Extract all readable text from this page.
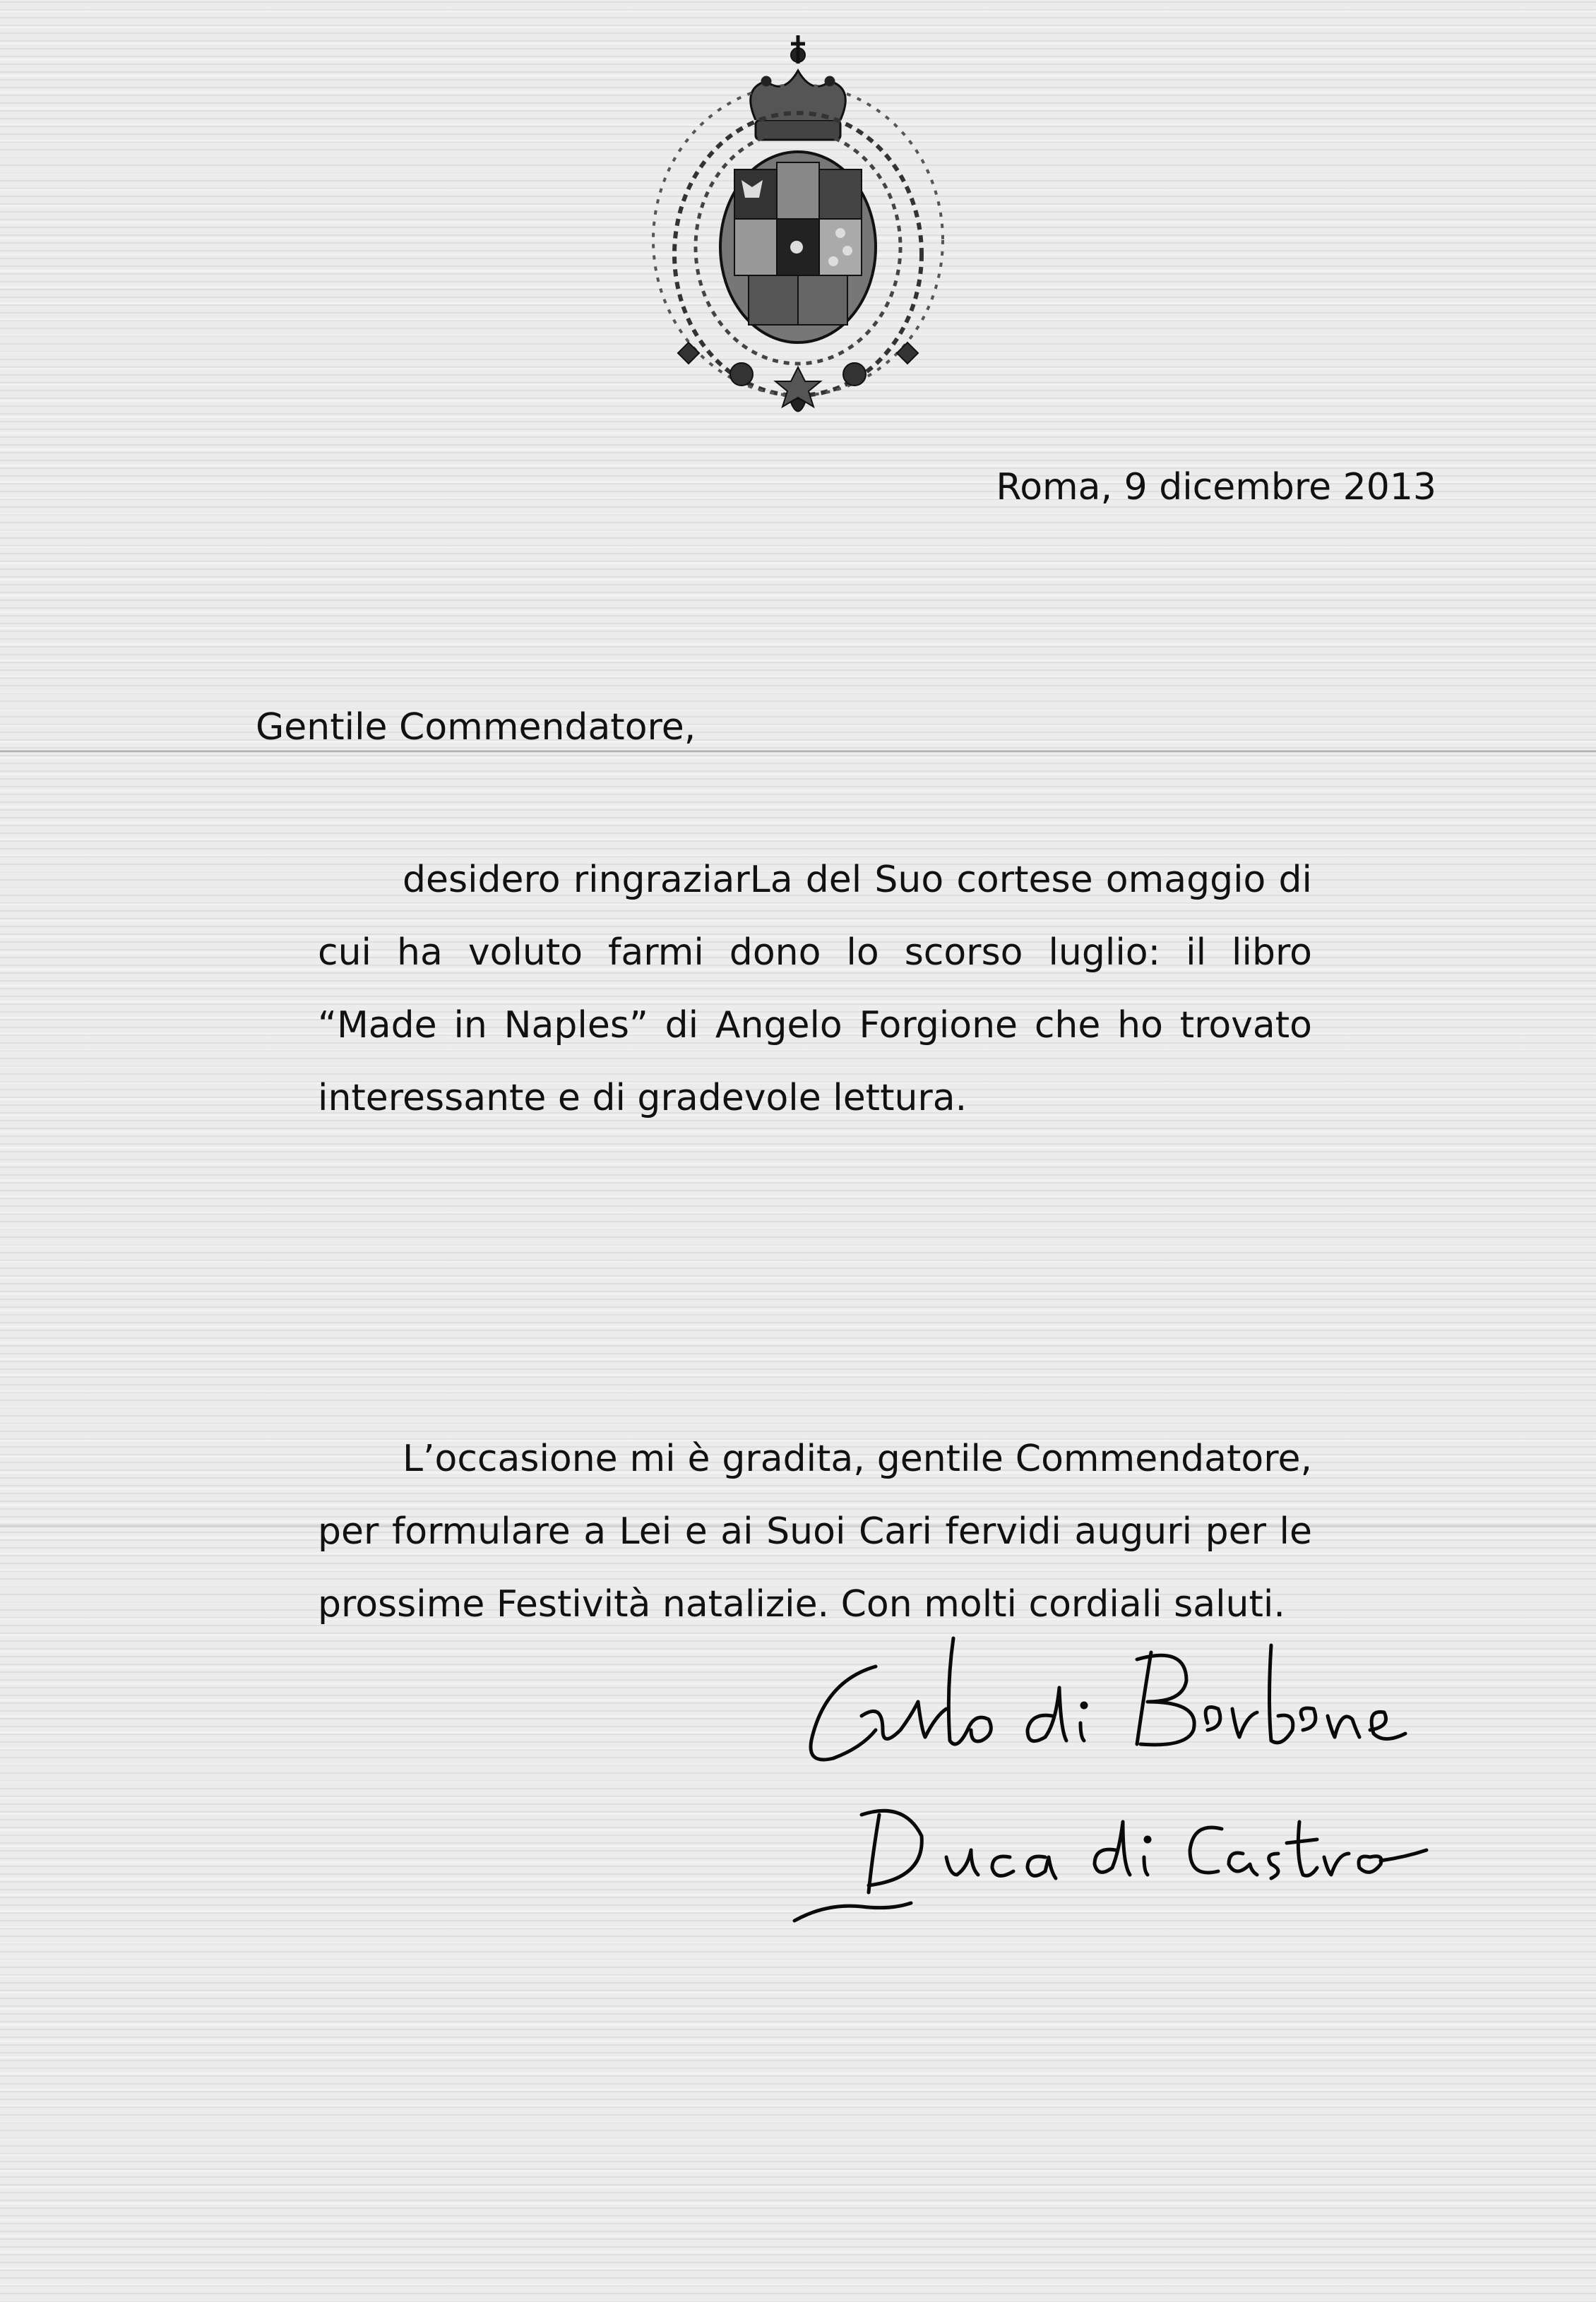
Roma, 9 dicembre 2013
Gentile Commendatore,
desidero ringraziarLa del Suo cortese omaggio di cui ha voluto farmi dono lo scorso luglio: il libro “Made in Naples” di Angelo Forgione che ho trovato interessante e di gradevole lettura.
L’occasione mi è gradita, gentile Commendatore, per formulare a Lei e ai Suoi Cari fervidi auguri per le prossime Festività natalizie. Con molti cordiali saluti.
